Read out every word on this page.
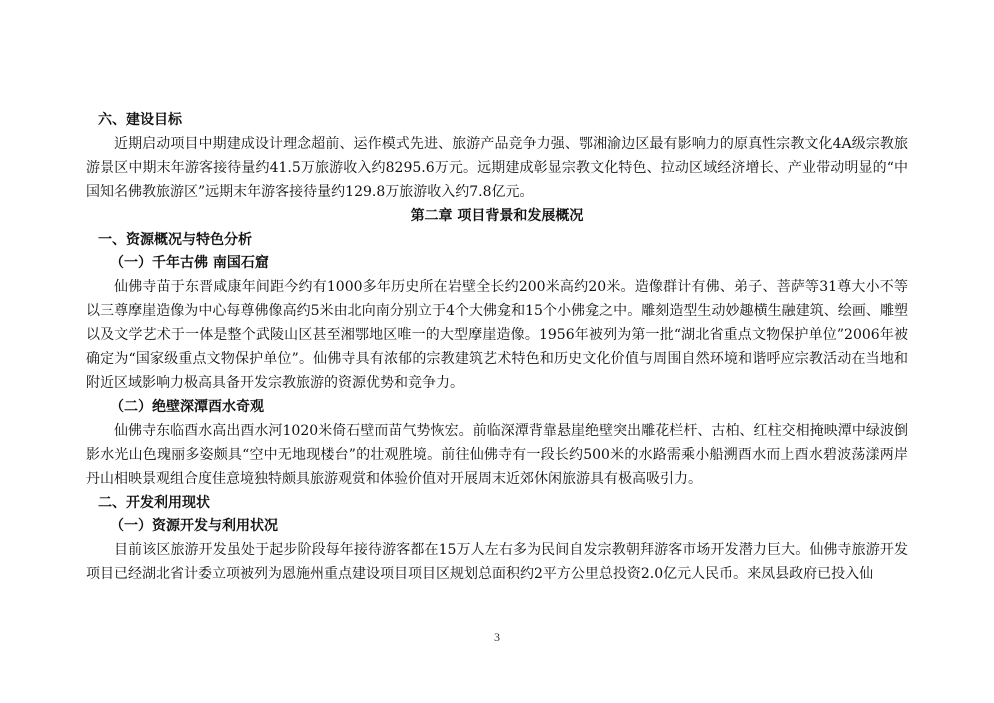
六、建设目标

近期启动项目中期建成设计理念超前、运作模式先进、旅游产品竞争力强、鄂湘渝边区最有影响力的原真性宗教文化4A级宗教旅游景区中期末年游客接待量约41.5万旅游收入约8295.6万元。远期建成彰显宗教文化特色、拉动区域经济增长、产业带动明显的“中国知名佛教旅游区”远期末年游客接待量约129.8万旅游收入约7.8亿元。

第二章 项目背景和发展概况

一、资源概况与特色分析

（一）千年古佛 南国石窟

仙佛寺苗于东晋咸康年间距今约有1000多年历史所在岩壁全长约200米高约20米。造像群计有佛、弟子、菩萨等31尊大小不等以三尊摩崖造像为中心每尊佛像高约5米由北向南分别立于4个大佛龛和15个小佛龛之中。雕刻造型生动妙趣横生融建筑、绘画、雕塑以及文学艺术于一体是整个武陵山区甚至湘鄂地区唯一的大型摩崖造像。1956年被列为第一批“湖北省重点文物保护单位”2006年被确定为“国家级重点文物保护单位”。仙佛寺具有浓郁的宗教建筑艺术特色和历史文化价值与周围自然环境和谐呼应宗教活动在当地和附近区域影响力极高具备开发宗教旅游的资源优势和竞争力。

（二）绝壁深潭酉水奇观

仙佛寺东临酉水高出酉水河1020米倚石壁而苗气势恢宏。前临深潭背靠悬崖绝壁突出雕花栏杆、古柏、红柱交相掩映潭中绿波倒影水光山色瑰丽多姿颇具“空中无地现楼台”的壮观胜境。前往仙佛寺有一段长约500米的水路需乘小船溯酉水而上酉水碧波荡漾两岸丹山相映景观组合度佳意境独特颇具旅游观赏和体验价值对开展周末近郊休闲旅游具有极高吸引力。

二、开发利用现状

（一）资源开发与利用状况

目前该区旅游开发虽处于起步阶段每年接待游客都在15万人左右多为民间自发宗教朝拜游客市场开发潜力巨大。仙佛寺旅游开发项目已经湖北省计委立项被列为恩施州重点建设项目项目区规划总面积约2平方公里总投资2.0亿元人民币。来凤县政府已投入仙

3
